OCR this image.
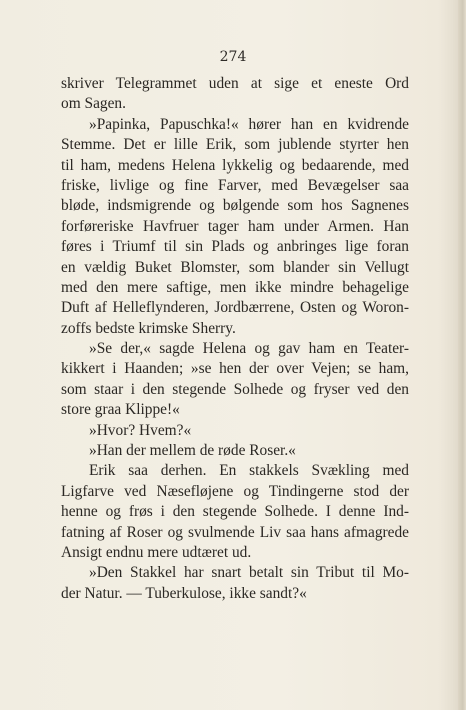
274
skriver Telegrammet uden at sige et eneste Ord
om Sagen.
»Papinka, Papuschka!« hører han en kvidrende
Stemme. Det er lille Erik, som jublende styrter hen
til ham, medens Helena lykkelig og bedaarende, med
friske, livlige og fine Farver, med Bevægelser saa
bløde, indsmigrende og bølgende som hos Sagnenes
forføreriske Havfruer tager ham under Armen. Han
føres i Triumf til sin Plads og anbringes lige foran
en vældig Buket Blomster, som blander sin Vellugt
med den mere saftige, men ikke mindre behagelige
Duft af Helleflynderen, Jordbærrene, Osten og Woron-
zoffs bedste krimske Sherry.
»Se der,« sagde Helena og gav ham en Teater-
kikkert i Haanden; »se hen der over Vejen; se ham,
som staar i den stegende Solhede og fryser ved den
store graa Klippe!«
»Hvor? Hvem?«
»Han der mellem de røde Roser.«
Erik saa derhen. En stakkels Svækling med
Ligfarve ved Næsefløjene og Tindingerne stod der
henne og frøs i den stegende Solhede. I denne Ind-
fatning af Roser og svulmende Liv saa hans afmagrede
Ansigt endnu mere udtæret ud.
»Den Stakkel har snart betalt sin Tribut til Mo-
der Natur. — Tuberkulose, ikke sandt?«
